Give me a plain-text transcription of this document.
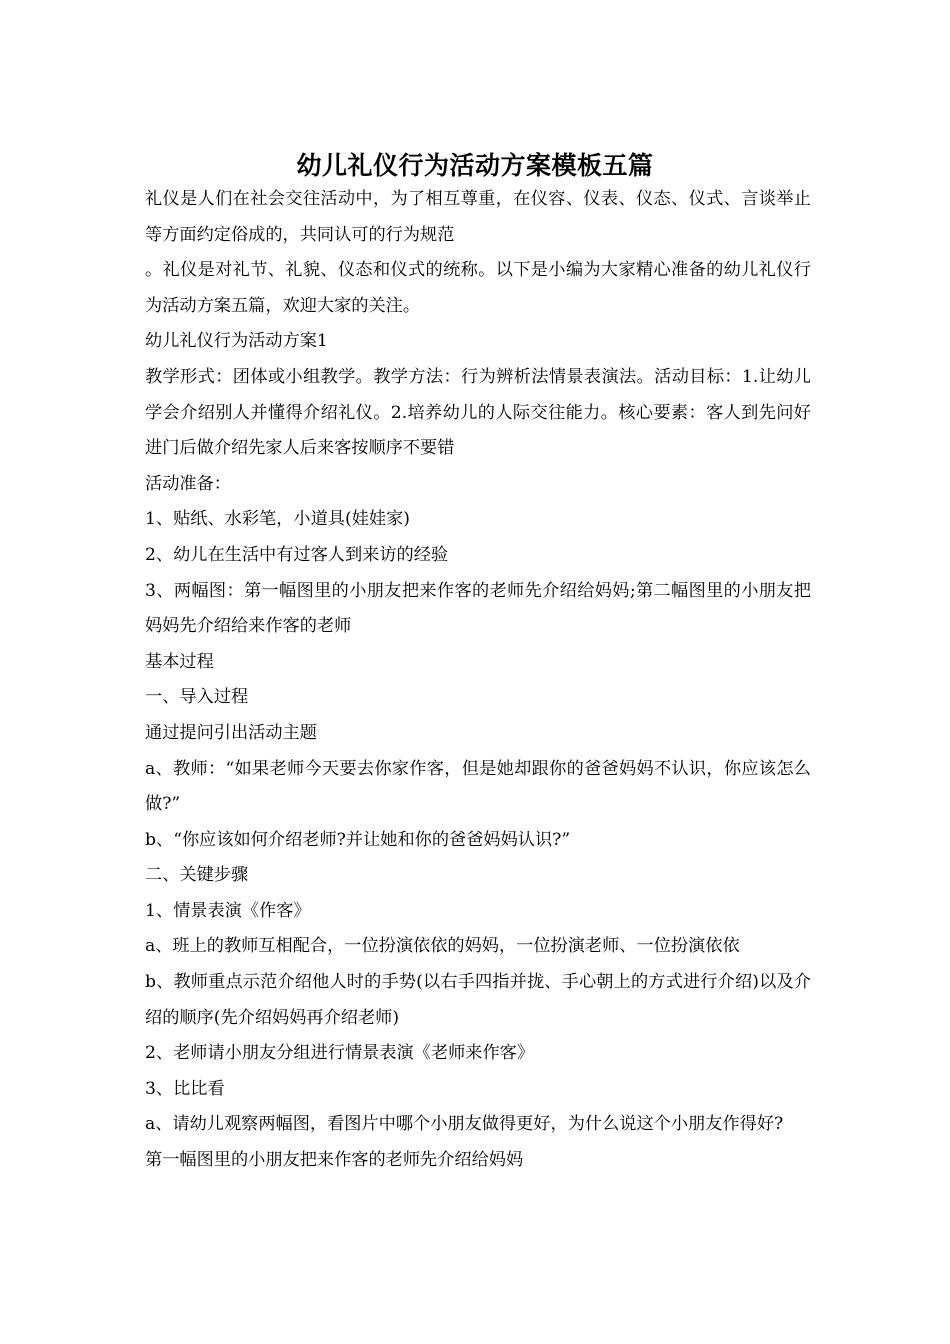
幼儿礼仪行为活动方案模板五篇

礼仪是人们在社会交往活动中，为了相互尊重，在仪容、仪表、仪态、仪式、言谈举止等方面约定俗成的，共同认可的行为规范

。礼仪是对礼节、礼貌、仪态和仪式的统称。以下是小编为大家精心准备的幼儿礼仪行为活动方案五篇，欢迎大家的关注。

幼儿礼仪行为活动方案1

教学形式：团体或小组教学。教学方法：行为辨析法情景表演法。活动目标：1.让幼儿学会介绍别人并懂得介绍礼仪。2.培养幼儿的人际交往能力。核心要素：客人到先问好进门后做介绍先家人后来客按顺序不要错

活动准备：

1、贴纸、水彩笔，小道具(娃娃家)

2、幼儿在生活中有过客人到来访的经验

3、两幅图：第一幅图里的小朋友把来作客的老师先介绍给妈妈;第二幅图里的小朋友把妈妈先介绍给来作客的老师

基本过程

一、导入过程

通过提问引出活动主题

a、教师：“如果老师今天要去你家作客，但是她却跟你的爸爸妈妈不认识，你应该怎么做?”

b、“你应该如何介绍老师?并让她和你的爸爸妈妈认识?”

二、关键步骤

1、情景表演《作客》

a、班上的教师互相配合，一位扮演依依的妈妈，一位扮演老师、一位扮演依依

b、教师重点示范介绍他人时的手势(以右手四指并拢、手心朝上的方式进行介绍)以及介绍的顺序(先介绍妈妈再介绍老师)

2、老师请小朋友分组进行情景表演《老师来作客》

3、比比看

a、请幼儿观察两幅图，看图片中哪个小朋友做得更好，为什么说这个小朋友作得好?

第一幅图里的小朋友把来作客的老师先介绍给妈妈
